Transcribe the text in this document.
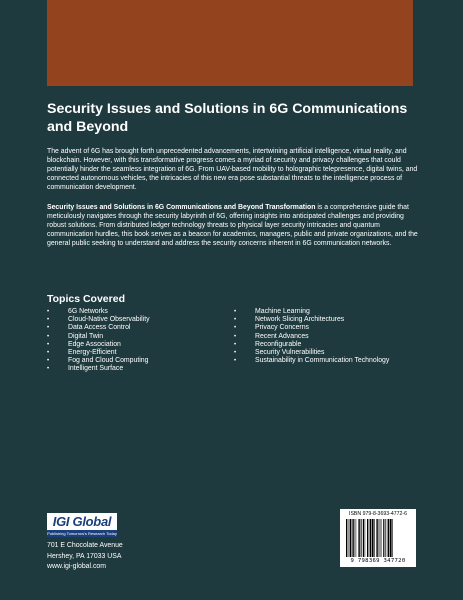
Security Issues and Solutions in 6G Communications and Beyond

The advent of 6G has brought forth unprecedented advancements, intertwining artificial intelligence, virtual reality, and blockchain. However, with this transformative progress comes a myriad of security and privacy challenges that could potentially hinder the seamless integration of 6G. From UAV-based mobility to holographic telepresence, digital twins, and connected autonomous vehicles, the intricacies of this new era pose substantial threats to the intelligence process of communication development.

Security Issues and Solutions in 6G Communications and Beyond Transformation is a comprehensive guide that meticulously navigates through the security labyrinth of 6G, offering insights into anticipated challenges and providing robust solutions. From distributed ledger technology threats to physical layer security intricacies and quantum communication hurdles, this book serves as a beacon for academics, managers, public and private organizations, and the general public seeking to understand and address the security concerns inherent in 6G communication networks.

Topics Covered
•	6G Networks
•	Cloud-Native Observability
•	Data Access Control
•	Digital Twin
•	Edge Association
•	Energy-Efficient
•	Fog and Cloud Computing
•	Intelligent Surface
•	Machine Learning
•	Network Slicing Architectures
•	Privacy Concerns
•	Recent Advances
•	Reconfigurable
•	Security Vulnerabilities
•	Sustainability in Communication Technology
IGI Global
Publishing Tomorrow's Research Today
701 E Chocolate Avenue
Hershey, PA 17033 USA
www.igi-global.com
ISBN 979-8-3693-4772-6
9 798369 347720
